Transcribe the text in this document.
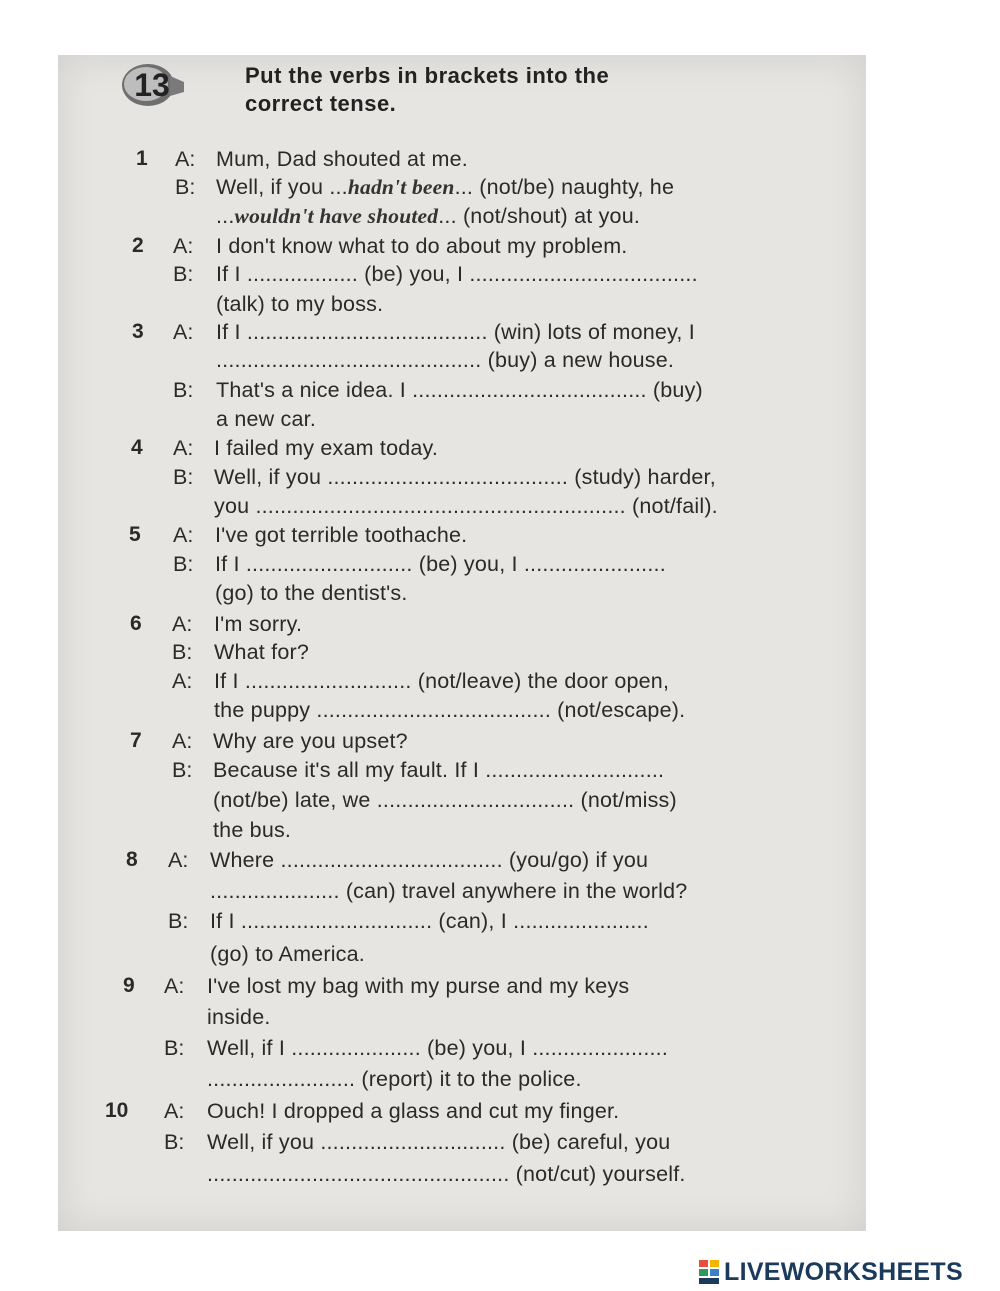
13	Put the verbs in brackets into the
correct tense.
1 A: Mum, Dad shouted at me.
B: Well, if you ...hadn't been... (not/be) naughty, he
...wouldn't have shouted... (not/shout) at you.
2 A: I don't know what to do about my problem.
B: If I .................. (be) you, I .....................................
(talk) to my boss.
3 A: If I ....................................... (win) lots of money, I
........................................... (buy) a new house.
B: That's a nice idea. I ...................................... (buy)
a new car.
4 A: I failed my exam today.
B: Well, if you ....................................... (study) harder,
you ............................................................ (not/fail).
5 A: I've got terrible toothache.
B: If I ........................... (be) you, I .......................
(go) to the dentist's.
6 A: I'm sorry.
B: What for?
A: If I ........................... (not/leave) the door open,
the puppy ...................................... (not/escape).
7 A: Why are you upset?
B: Because it's all my fault. If I .............................
(not/be) late, we ................................ (not/miss)
the bus.
8 A: Where .................................... (you/go) if you
..................... (can) travel anywhere in the world?
B: If I ............................... (can), I ......................
(go) to America.
9 A: I've lost my bag with my purse and my keys
inside.
B: Well, if I ..................... (be) you, I ......................
........................ (report) it to the police.
10 A: Ouch! I dropped a glass and cut my finger.
B: Well, if you .............................. (be) careful, you
................................................. (not/cut) yourself.
LIVEWORKSHEETS
